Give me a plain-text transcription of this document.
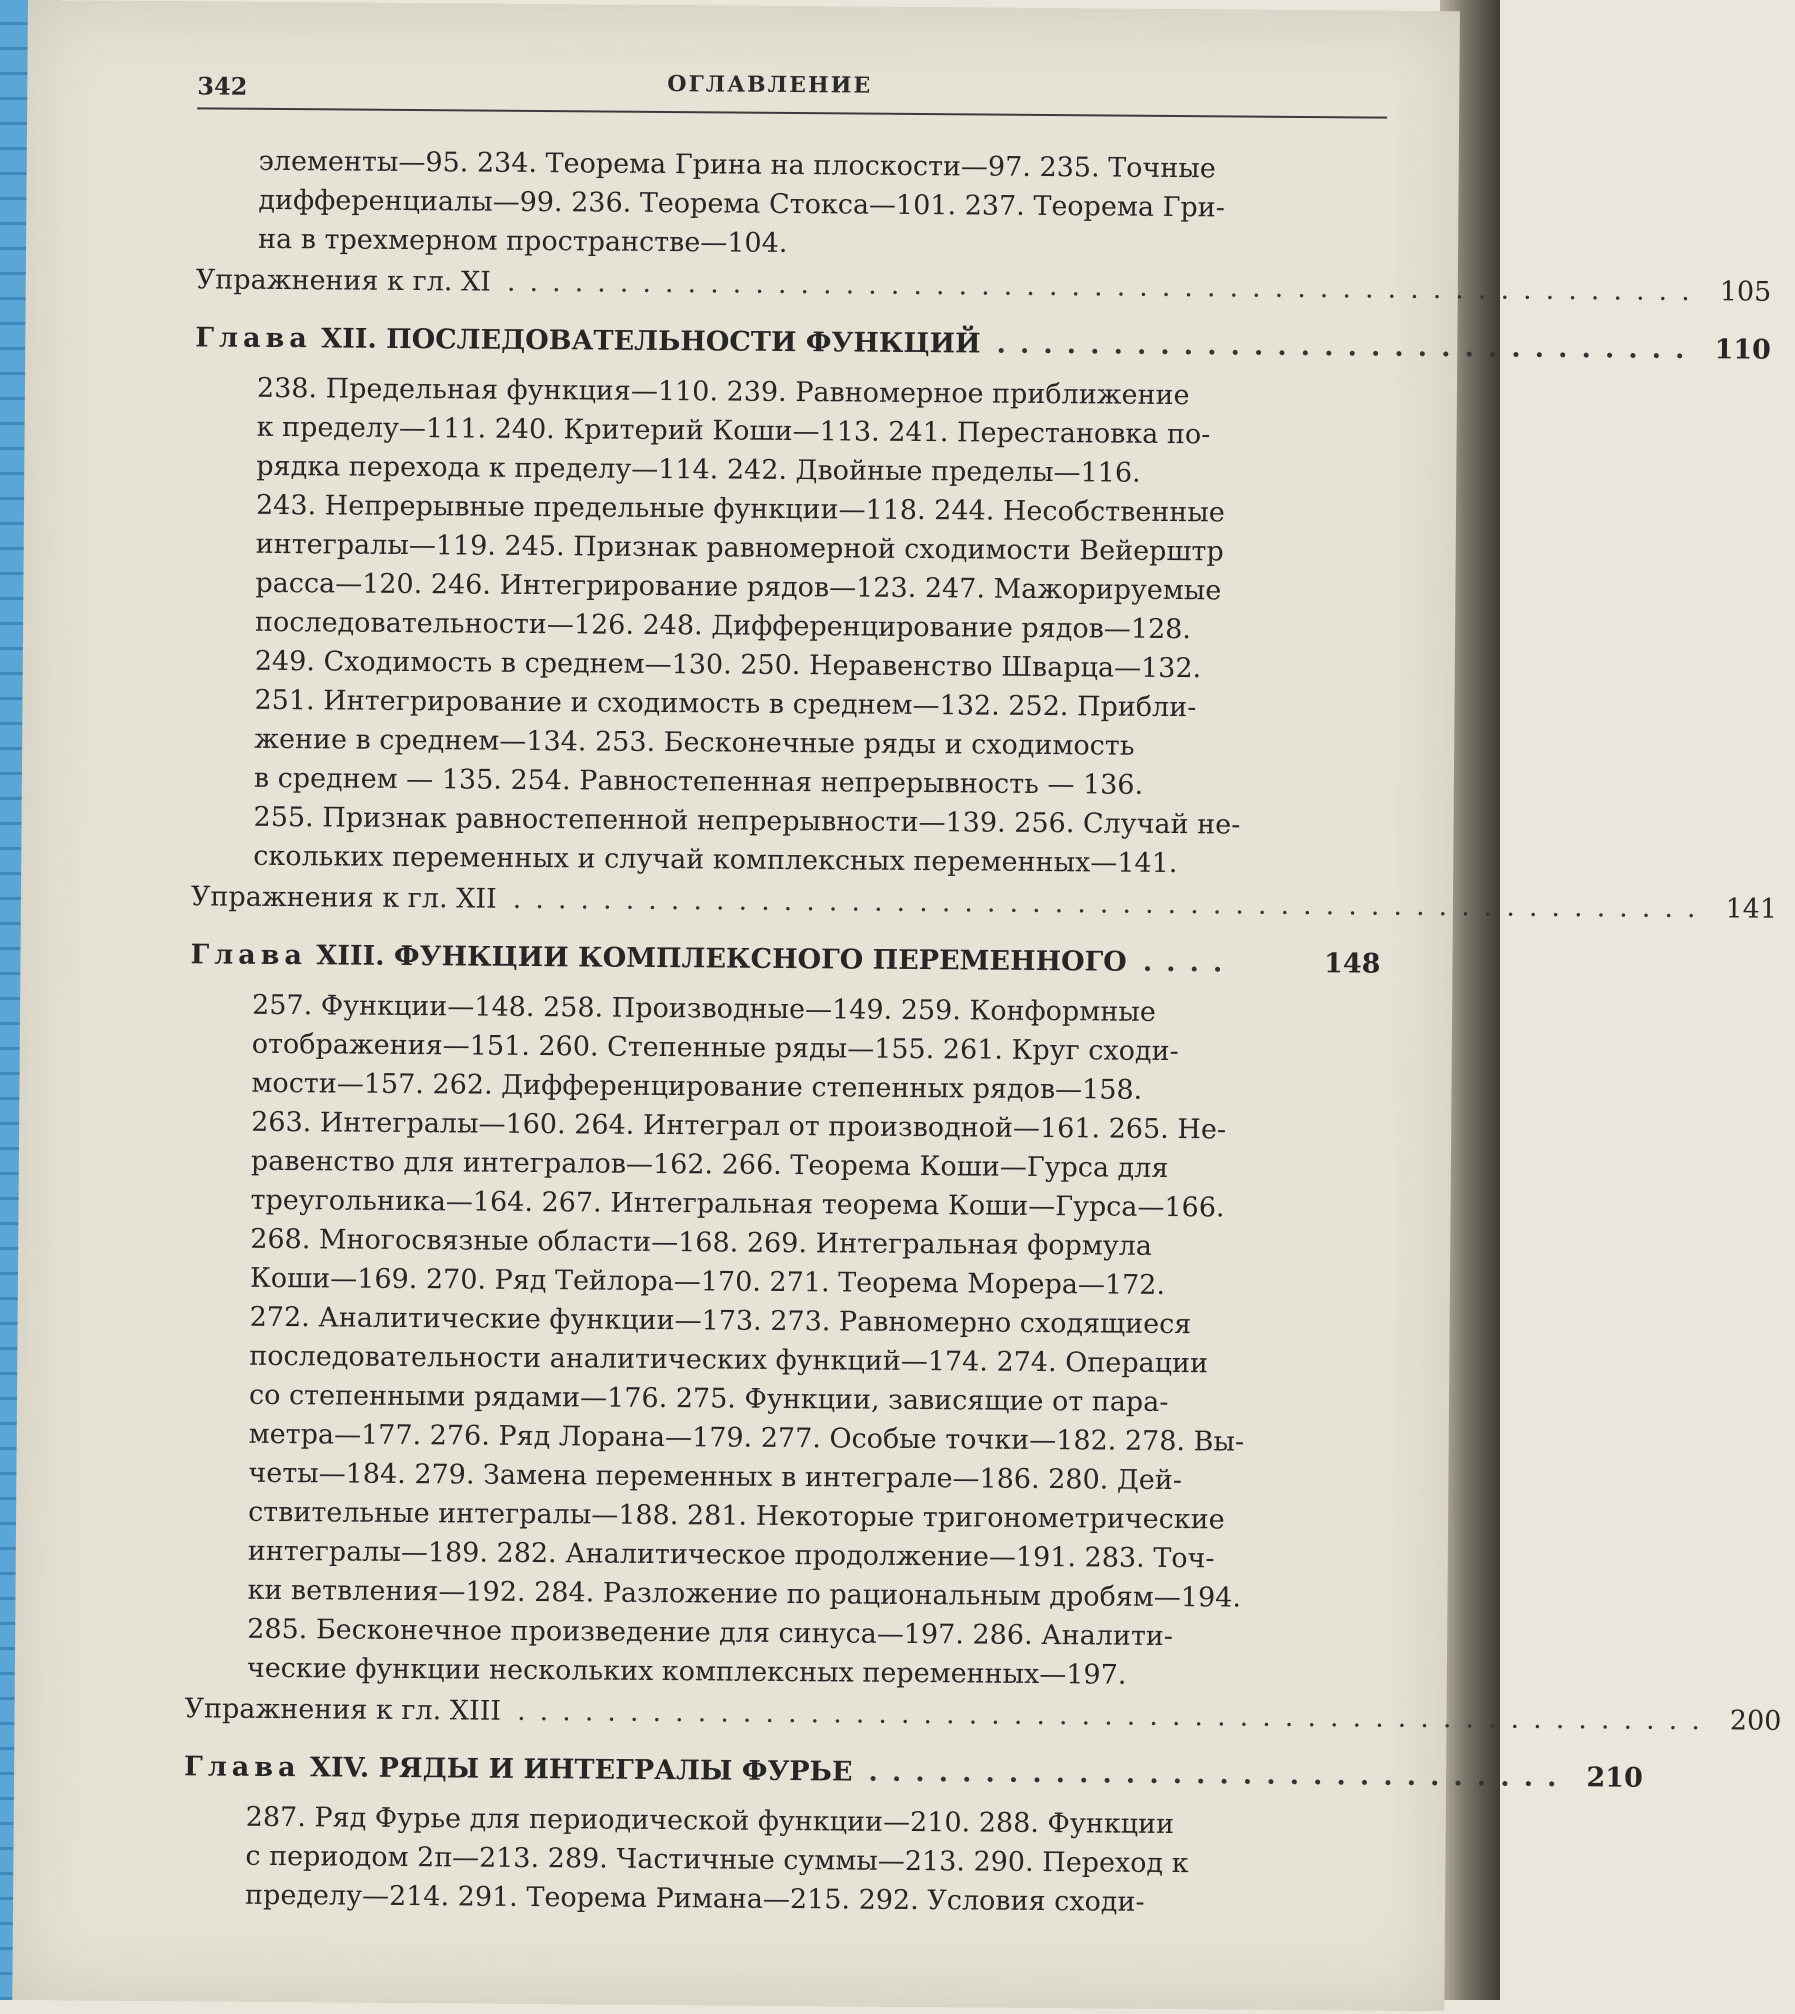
342	ОГЛАВЛЕНИЕ
элементы—95. 234. Теорема Грина на плоскости—97. 235. Точные
дифференциалы—99. 236. Теорема Стокса—101. 237. Теорема Гри-
на в трехмерном пространстве—104.
Упражнения к гл. XI ..................................................... 105
Глава XII. ПОСЛЕДОВАТЕЛЬНОСТИ ФУНКЦИЙ .............................. 110
238. Предельная функция—110. 239. Равномерное приближение
к пределу—111. 240. Критерий Коши—113. 241. Перестановка по-
рядка перехода к пределу—114. 242. Двойные пределы—116.
243. Непрерывные предельные функции—118. 244. Несобственные
интегралы—119. 245. Признак равномерной сходимости Вейерштр
расса—120. 246. Интегрирование рядов—123. 247. Мажорируемые
последовательности—126. 248. Дифференцирование рядов—128.
249. Сходимость в среднем—130. 250. Неравенство Шварца—132.
251. Интегрирование и сходимость в среднем—132. 252. Прибли-
жение в среднем—134. 253. Бесконечные ряды и сходимость
в среднем — 135. 254. Равностепенная непрерывность — 136.
255. Признак равностепенной непрерывности—139. 256. Случай не-
скольких переменных и случай комплексных переменных—141.
Упражнения к гл. XII ..................................................... 141
Глава XIII. ФУНКЦИИ КОМПЛЕКСНОГО ПЕРЕМЕННОГО ....	148
257. Функции—148. 258. Производные—149. 259. Конформные
отображения—151. 260. Степенные ряды—155. 261. Круг сходи-
мости—157. 262. Дифференцирование степенных рядов—158.
263. Интегралы—160. 264. Интеграл от производной—161. 265. Не-
равенство для интегралов—162. 266. Теорема Коши—Гурса для
треугольника—164. 267. Интегральная теорема Коши—Гурса—166.
268. Многосвязные области—168. 269. Интегральная формула
Коши—169. 270. Ряд Тейлора—170. 271. Теорема Морера—172.
272. Аналитические функции—173. 273. Равномерно сходящиеся
последовательности аналитических функций—174. 274. Операции
со степенными рядами—176. 275. Функции, зависящие от пара-
метра—177. 276. Ряд Лорана—179. 277. Особые точки—182. 278. Вы-
четы—184. 279. Замена переменных в интеграле—186. 280. Дей-
ствительные интегралы—188. 281. Некоторые тригонометрические
интегралы—189. 282. Аналитическое продолжение—191. 283. Точ-
ки ветвления—192. 284. Разложение по рациональным дробям—194.
285. Бесконечное произведение для синуса—197. 286. Аналити-
ческие функции нескольких комплексных переменных—197.
Упражнения к гл. XIII ..................................................... 200
Глава XIV. РЯДЫ И ИНТЕГРАЛЫ ФУРЬЕ .............................. 210
287. Ряд Фурье для периодической функции—210. 288. Функции
с периодом 2π—213. 289. Частичные суммы—213. 290. Переход к
пределу—214. 291. Теорема Римана—215. 292. Условия сходи-
